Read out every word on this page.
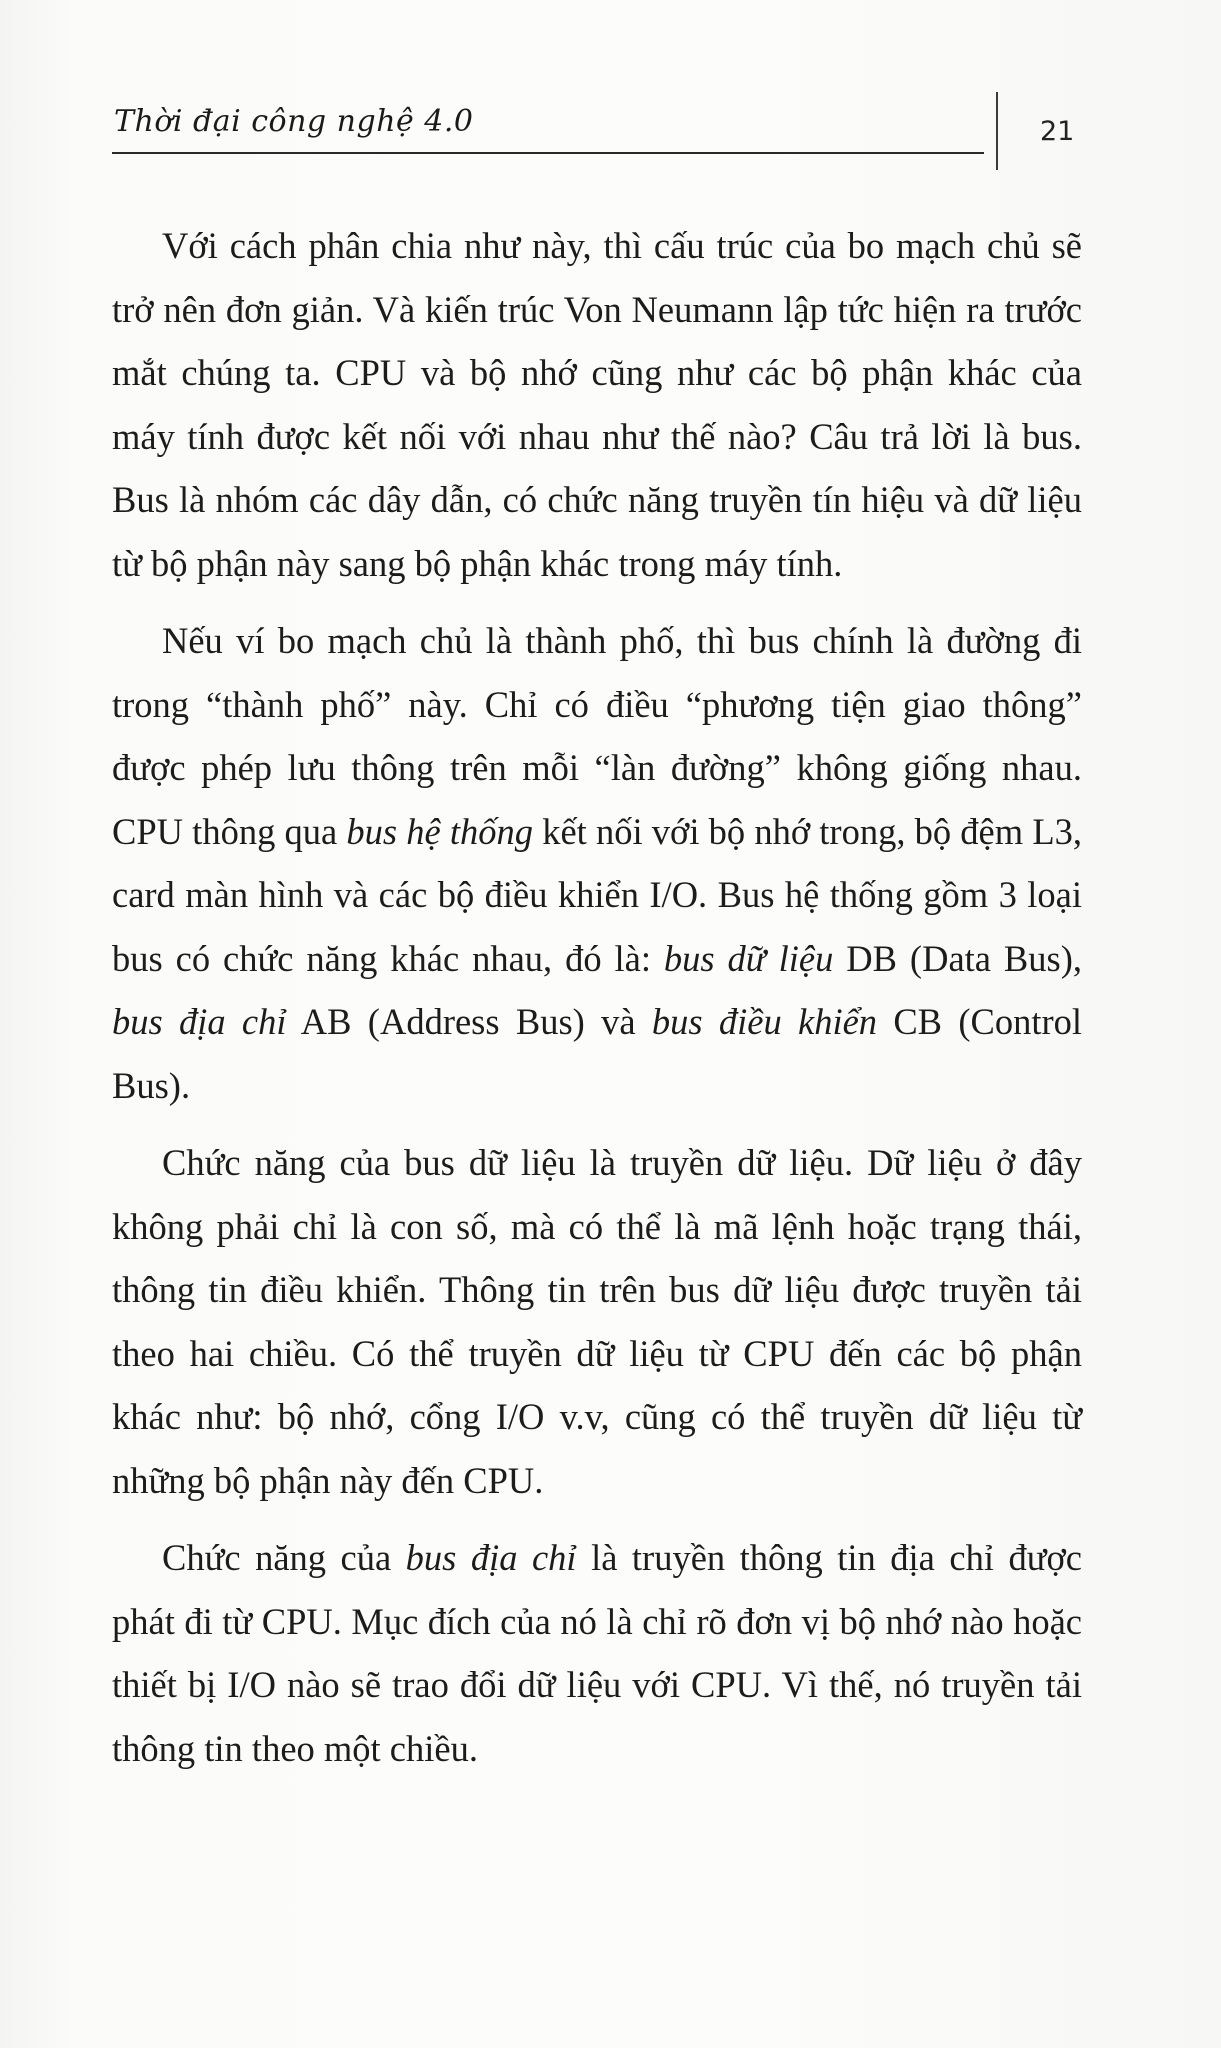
Thời đại công nghệ 4.0	21

Với cách phân chia như này, thì cấu trúc của bo mạch chủ sẽ trở nên đơn giản. Và kiến trúc Von Neumann lập tức hiện ra trước mắt chúng ta. CPU và bộ nhớ cũng như các bộ phận khác của máy tính được kết nối với nhau như thế nào? Câu trả lời là bus. Bus là nhóm các dây dẫn, có chức năng truyền tín hiệu và dữ liệu từ bộ phận này sang bộ phận khác trong máy tính.

Nếu ví bo mạch chủ là thành phố, thì bus chính là đường đi trong “thành phố” này. Chỉ có điều “phương tiện giao thông” được phép lưu thông trên mỗi “làn đường” không giống nhau. CPU thông qua bus hệ thống kết nối với bộ nhớ trong, bộ đệm L3, card màn hình và các bộ điều khiển I/O. Bus hệ thống gồm 3 loại bus có chức năng khác nhau, đó là: bus dữ liệu DB (Data Bus), bus địa chỉ AB (Address Bus) và bus điều khiển CB (Control Bus).

Chức năng của bus dữ liệu là truyền dữ liệu. Dữ liệu ở đây không phải chỉ là con số, mà có thể là mã lệnh hoặc trạng thái, thông tin điều khiển. Thông tin trên bus dữ liệu được truyền tải theo hai chiều. Có thể truyền dữ liệu từ CPU đến các bộ phận khác như: bộ nhớ, cổng I/O v.v, cũng có thể truyền dữ liệu từ những bộ phận này đến CPU.

Chức năng của bus địa chỉ là truyền thông tin địa chỉ được phát đi từ CPU. Mục đích của nó là chỉ rõ đơn vị bộ nhớ nào hoặc thiết bị I/O nào sẽ trao đổi dữ liệu với CPU. Vì thế, nó truyền tải thông tin theo một chiều.
